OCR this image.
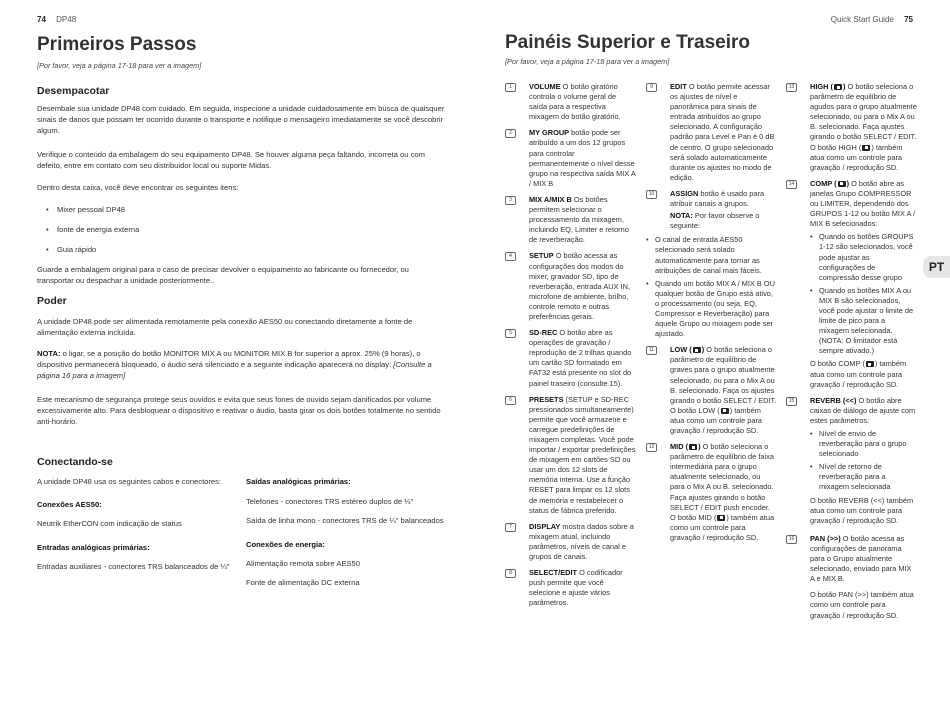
74 DP48
Primeiros Passos
[Por favor, veja a página 17-18 para ver a imagem]
Desempacotar
Desembale sua unidade DP48 com cuidado. Em seguida, inspecione a unidade cuidadosamente em busca de quaisquer sinais de danos que possam ter ocorrido durante o transporte e notifique o mensageiro imediatamente se você descobrir algum.
Verifique o conteúdo da embalagem do seu equipamento DP48. Se houver alguma peça faltando, incorreta ou com defeito, entre em contato com seu distribuidor local ou suporte Midas.
Dentro desta caixa, você deve encontrar os seguintes itens:
• Mixer pessoal DP48
• fonte de energia externa
• Guia rápido
Guarde a embalagem original para o caso de precisar devolver o equipamento ao fabricante ou fornecedor, ou transportar ou despachar a unidade posteriormente..
Poder
A unidade DP48 pode ser alimentada remotamente pela conexão AES50 ou conectando diretamente a fonte de alimentação externa incluída.
NOTA: o ligar, se a posição do botão MONITOR MIX A ou MONITOR MIX B for superior a aprox. 25% (9 horas), o dispositivo permanecerá bloqueado, o áudio será silenciado e a seguinte indicação aparecerá no display: [Consulte a página 16 para a imagem]
Este mecanismo de segurança protege seus ouvidos e evita que seus fones de ouvido sejam danificados por volume excessivamente alto. Para desbloquear o dispositivo e reativar o áudio, basta girar os dois botões totalmente no sentido anti-horário.
Conectando-se
A unidade DP48 usa os seguintes cabos e conectores:
Conexões AES50:
Neutrik EtherCON com indicação de status
Entradas analógicas primárias:
Entradas auxiliares - conectores TRS balanceados de ¼"
Saídas analógicas primárias:
Telefones - conectores TRS estéreo duplos de ¼"
Saída de linha mono - conectores TRS de ¼" balanceados
Conexões de energia:
Alimentação remota sobre AES50
Fonte de alimentação DC externa
Quick Start Guide 75
Painéis Superior e Traseiro
[Por favor, veja a página 17-18 para ver a imagem]
1	VOLUME O botão giratório controla o volume geral de saída para a respectiva mixagem do botão giratório.
2	MY GROUP botão pode ser atribuído a um dos 12 grupos para controlar permanentemente o nível desse grupo na respectiva saída MIX A / MIX B
3	MIX A/MIX B Os botões permitem selecionar o processamento da mixagem, incluindo EQ, Limiter e retorno de reverberação.
4	SETUP O botão acessa as configurações dos modos do mixer, gravador SD, tipo de reverberação, entrada AUX IN, microfone de ambiente, brilho, controle remoto e outras preferências gerais.
5	SD-REC O botão abre as operações de gravação / reprodução de 2 trilhas quando um cartão SD formatado em FAT32 está presente no slot do painel traseiro (consulte 15).
6	PRESETS (SETUP e SD-REC pressionados simultaneamente) permite que você armazene e carregue predefinições de mixagem completas. Você pode importar / exportar predefinições de mixagem em cartões SD ou usar um dos 12 slots de memória interna. Use a função RESET para limpar os 12 slots de memória e restabelecer o status de fábrica preferido.
7	DISPLAY mostra dados sobre a mixagem atual, incluindo parâmetros, níveis de canal e grupos de canais.
8	SELECT/EDIT O codificador push permite que você selecione e ajuste vários parâmetros.
9	EDIT O botão permite acessar os ajustes de nível e panorâmica para sinais de entrada atribuídos ao grupo selecionado. A configuração padrão para Level e Pan é 0 dB de centro. O grupo selecionado será solado automaticamente durante os ajustes no modo de edição.
10	ASSIGN botão é usado para atribuir canais a grupos.
NOTA: Por favor observe o seguinte:
• O canal de entrada AES50 selecionado será solado automaticamente para tornar as atribuições de canal mais fáceis.
• Quando um botão MIX A / MIX B OU qualquer botão de Grupo está ativo, o processamento (ou seja, EQ, Compressor e Reverberação) para aquele Grupo ou mixagem pode ser ajustado.
11	LOW ( ) O botão seleciona o parâmetro de equilíbrio de graves para o grupo atualmente selecionado, ou para o Mix A ou B. selecionado. Faça os ajustes girando o botão SELECT / EDIT. O botão LOW ( ) também atua como um controle para gravação / reprodução SD.
12	MID ( ) O botão seleciona o parâmetro de equilíbrio de faixa intermediária para o grupo atualmente selecionado, ou para o Mix A ou B. selecionado. Faça ajustes girando o botão SELECT / EDIT push encoder. O botão MID ( ) também atua como um controle para gravação / reprodução SD.
13	HIGH ( ) O botão seleciona o parâmetro de equilíbrio de agudos para o grupo atualmente selecionado, ou para o Mix A ou B. selecionado. Faça ajustes girando o botão SELECT / EDIT. O botão HIGH ( ) também atua como um controle para gravação / reprodução SD.
14	COMP ( ) O botão abre as janelas Grupo COMPRESSOR ou LIMITER, dependendo dos GRUPOS 1-12 ou botão MIX A / MIX B selecionados:
• Quando os botões GROUPS 1-12 são selecionados, você pode ajustar as configurações de compressão desse grupo
• Quando os botões MIX A ou MIX B são selecionados, você pode ajustar o limite de limite de pico para a mixagem selecionada. (NOTA: O limitador está sempre ativado.)
O botão COMP ( ) também atua como um controle para gravação / reprodução SD.
15	REVERB (<<) O botão abre caixas de diálogo de ajuste com estes parâmetros:
• Nível de envio de reverberação para o grupo selecionado
• Nível de retorno de reverberação para a mixagem selecionada
O botão REVERB (<<) também atua como um controle para gravação / reprodução SD.
16	PAN (>>) O botão acessa as configurações de panorama para o Grupo atualmente selecionado, enviado para MIX A e MIX B.
O botão PAN (>>) também atua como um controle para gravação / reprodução SD.
PT
